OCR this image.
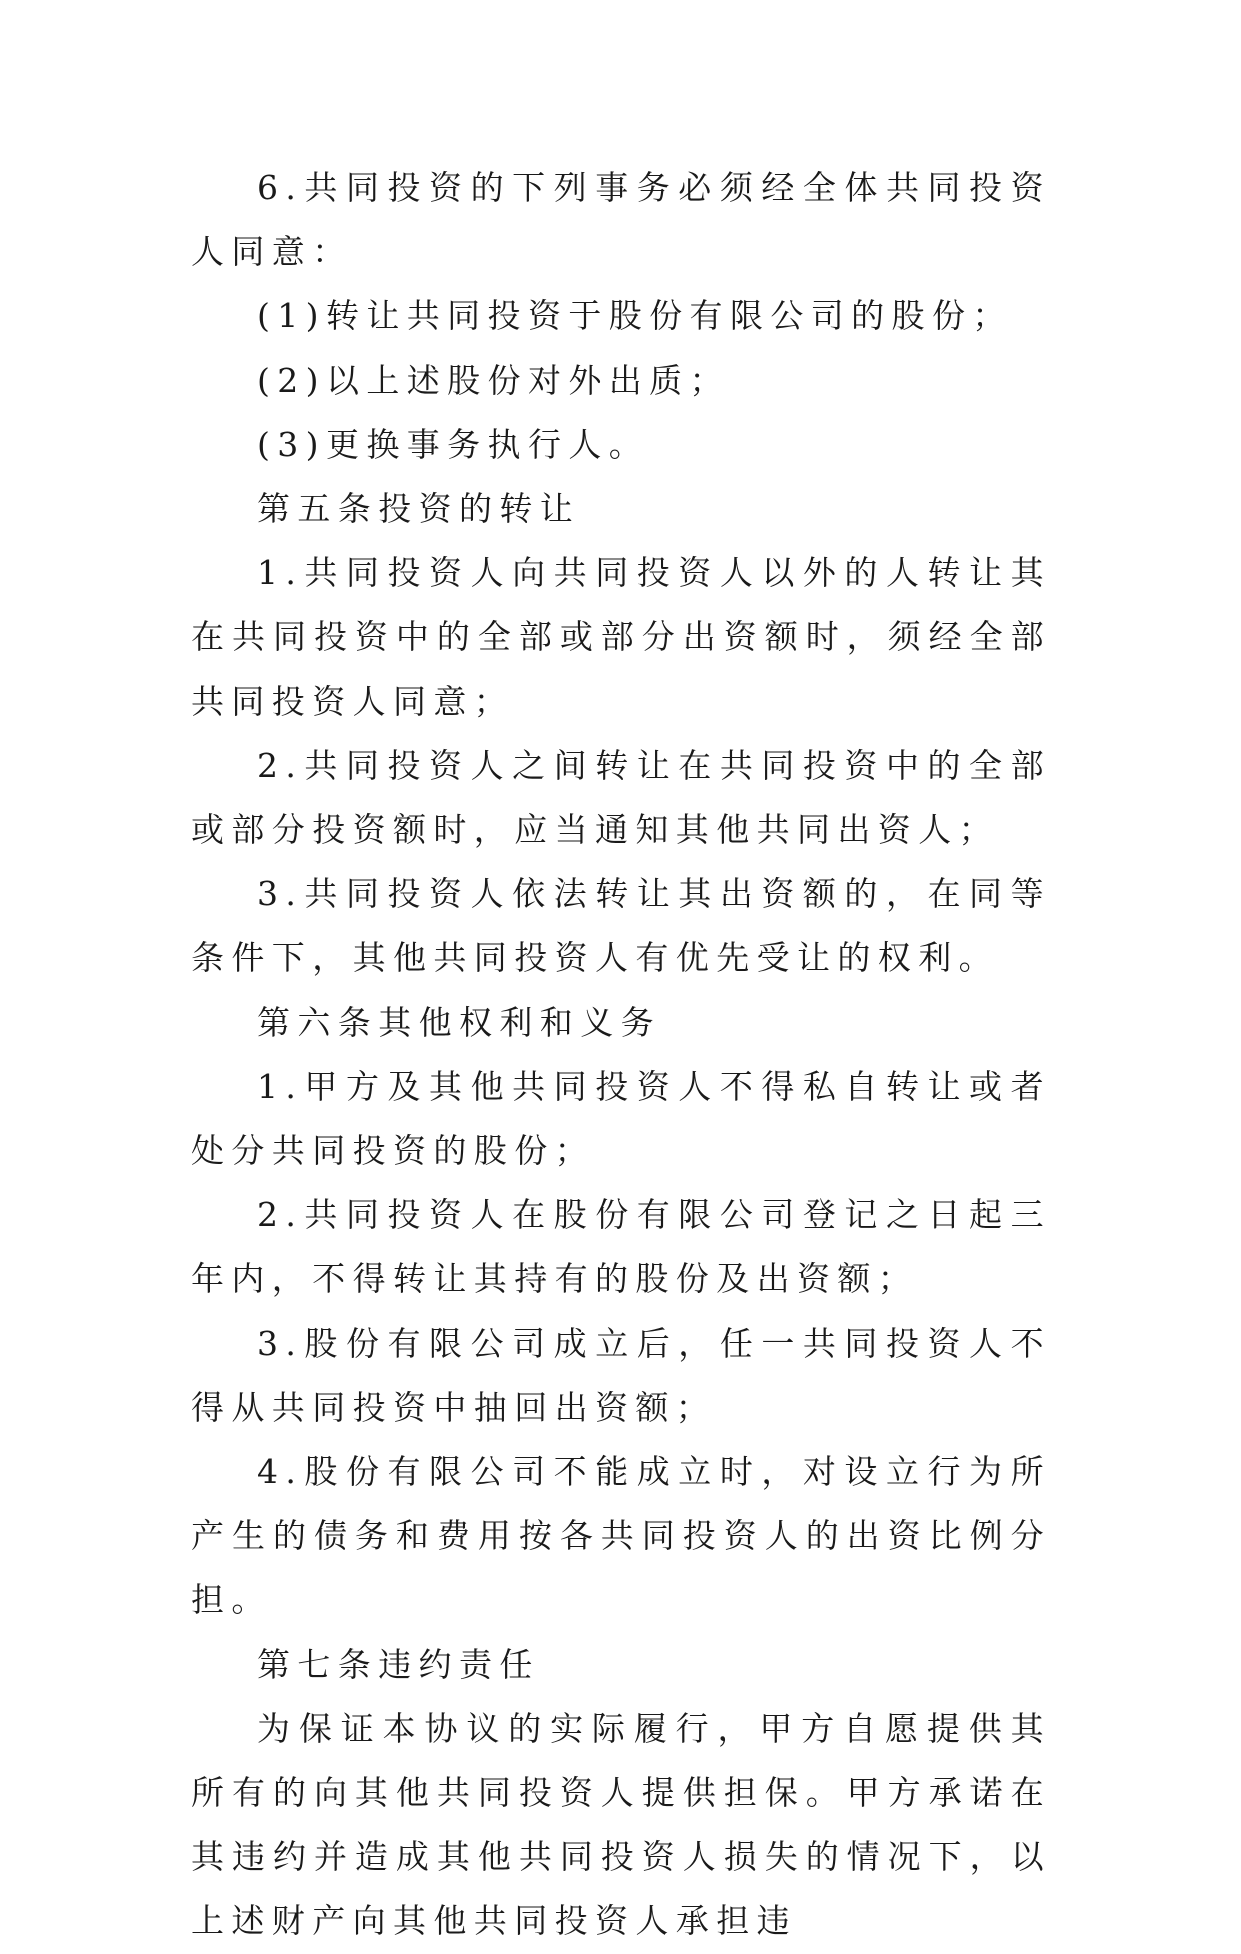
6.共同投资的下列事务必须经全体共同投资人同意：

(1)转让共同投资于股份有限公司的股份；

(2)以上述股份对外出质；

(3)更换事务执行人。

第五条投资的转让

1.共同投资人向共同投资人以外的人转让其在共同投资中的全部或部分出资额时，须经全部共同投资人同意；

2.共同投资人之间转让在共同投资中的全部或部分投资额时，应当通知其他共同出资人；

3.共同投资人依法转让其出资额的，在同等条件下，其他共同投资人有优先受让的权利。

第六条其他权利和义务

1.甲方及其他共同投资人不得私自转让或者处分共同投资的股份；

2.共同投资人在股份有限公司登记之日起三年内，不得转让其持有的股份及出资额；

3.股份有限公司成立后，任一共同投资人不得从共同投资中抽回出资额；

4.股份有限公司不能成立时，对设立行为所产生的债务和费用按各共同投资人的出资比例分担。

第七条违约责任

为保证本协议的实际履行，甲方自愿提供其所有的向其他共同投资人提供担保。甲方承诺在其违约并造成其他共同投资人损失的情况下，以上述财产向其他共同投资人承担违
